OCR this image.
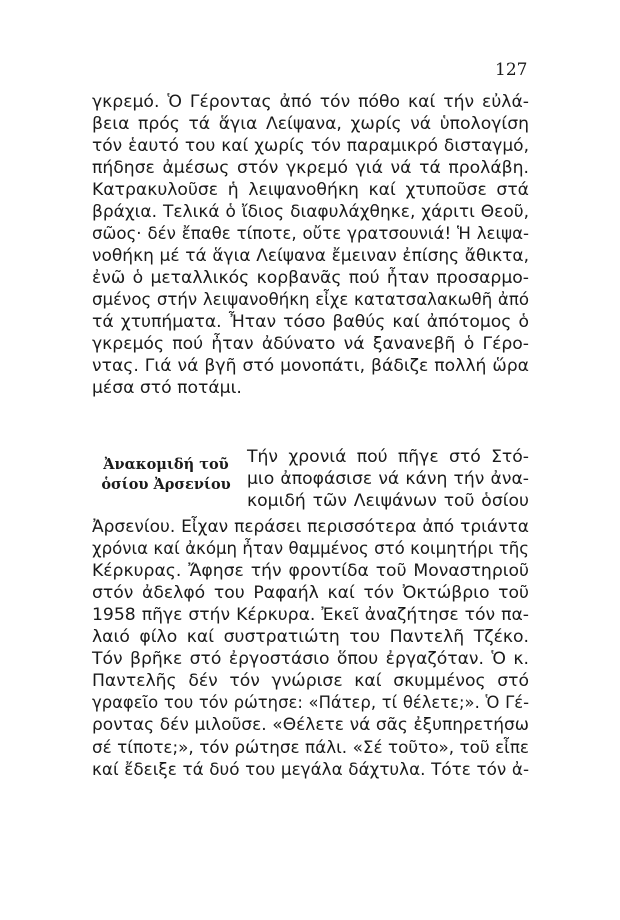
127
γκρεμό. Ὁ Γέροντας ἀπό τόν πόθο καί τήν εὐλά-
βεια πρός τά ἅγια Λείψανα, χωρίς νά ὑπολογίση
τόν ἑαυτό του καί χωρίς τόν παραμικρό δισταγμό,
πήδησε ἀμέσως στόν γκρεμό γιά νά τά προλάβη.
Κατρακυλοῦσε ἡ λειψανοθήκη καί χτυποῦσε στά
βράχια. Τελικά ὁ ἴδιος διαφυλάχθηκε, χάριτι Θεοῦ,
σῶος· δέν ἔπαθε τίποτε, οὔτε γρατσουνιά! Ἡ λειψα-
νοθήκη μέ τά ἅγια Λείψανα ἔμειναν ἐπίσης ἄθικτα,
ἐνῶ ὁ μεταλλικός κορβανᾶς πού ἦταν προσαρμο-
σμένος στήν λειψανοθήκη εἶχε κατατσαλακωθῆ ἀπό
τά χτυπήματα. Ἦταν τόσο βαθύς καί ἀπότομος ὁ
γκρεμός πού ἦταν ἀδύνατο νά ξανανεβῆ ὁ Γέρο-
ντας. Γιά νά βγῆ στό μονοπάτι, βάδιζε πολλή ὥρα
μέσα στό ποτάμι.
Ἀνακομιδή τοῦ
ὁσίου Ἀρσενίου
Τήν χρονιά πού πῆγε στό Στό-
μιο ἀποφάσισε νά κάνη τήν ἀνα-
κομιδή τῶν Λειψάνων τοῦ ὁσίου
Ἀρσενίου. Εἶχαν περάσει περισσότερα ἀπό τριάντα
χρόνια καί ἀκόμη ἦταν θαμμένος στό κοιμητήρι τῆς
Κέρκυρας. Ἄφησε τήν φροντίδα τοῦ Μοναστηριοῦ
στόν ἀδελφό του Ραφαήλ καί τόν Ὀκτώβριο τοῦ
1958 πῆγε στήν Κέρκυρα. Ἐκεῖ ἀναζήτησε τόν πα-
λαιό φίλο καί συστρατιώτη του Παντελῆ Τζέκο.
Τόν βρῆκε στό ἐργοστάσιο ὅπου ἐργαζόταν. Ὁ κ.
Παντελῆς δέν τόν γνώρισε καί σκυμμένος στό
γραφεῖο του τόν ρώτησε: «Πάτερ, τί θέλετε;». Ὁ Γέ-
ροντας δέν μιλοῦσε. «Θέλετε νά σᾶς ἐξυπηρετήσω
σέ τίποτε;», τόν ρώτησε πάλι. «Σέ τοῦτο», τοῦ εἶπε
καί ἔδειξε τά δυό του μεγάλα δάχτυλα. Τότε τόν ἀ-
